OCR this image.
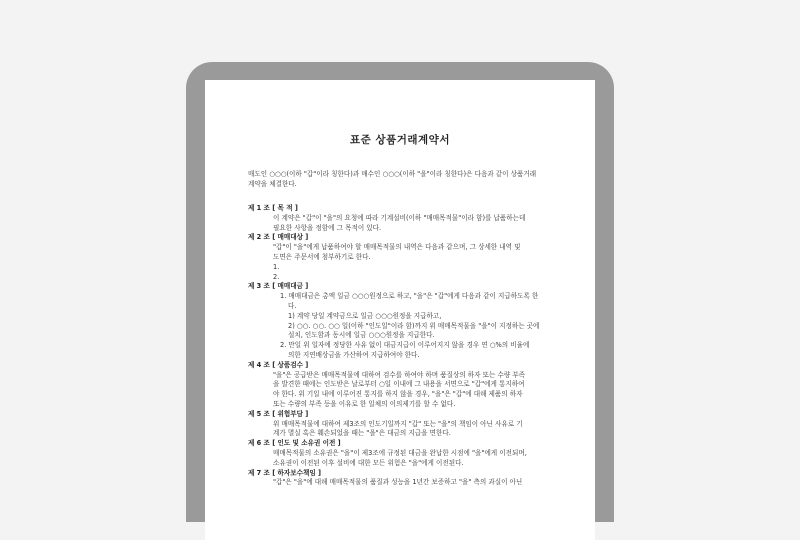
표준 상품거래계약서
매도인 ○○○(이하 "갑"이라 칭한다)과 매수인 ○○○(이하 "을"이라 칭한다)은 다음과 같이 상품거래
계약을 체결한다.
제 1 조 [ 목 적 ]
이 계약은 "갑"이 "을"의 요청에 따라 기계설비(이하 "매매목적물"이라 함)를 납품하는데
필요한 사항을 정함에 그 목적이 있다.
제 2 조 [ 매매대상 ]
"갑"이 "을"에게 납품하여야 할 매매목적물의 내역은 다음과 같으며, 그 상세한 내역 및
도면은 주문서에 첨부하기로 한다.
1.
2.
제 3 조 [ 매매대금 ]
1. 매매대금은 총액 일금 ○○○원정으로 하고, "을"은 "갑"에게 다음과 같이 지급하도록 한
다.
1) 계약 당일 계약금으로 일금 ○○○원정을 지급하고,
2) ○○. ○○. ○○ 일(이하 "인도일"이라 함)까지 위 매매목적물을 "을"이 지정하는 곳에
설치, 인도함과 동시에 일금 ○○○원정을 지급한다.
2. 만일 위 일자에 정당한 사유 없이 대금지급이 이루어지지 않을 경우 연 ○%의 비율에
의한 지연배상금을 가산하여 지급하여야 한다.
제 4 조 [ 상품검수 ]
"을"은 공급받은 매매목적물에 대하여 검수를 하여야 하며 품질상의 하자 또는 수량 부족
을 발견한 때에는 인도받은 날로부터 ○일 이내에 그 내용을 서면으로 "갑"에게 통지하여
야 한다. 위 기일 내에 이루어진 통지를 하지 않을 경우, "을"은 "갑"에 대해 제품의 하자
또는 수량의 부족 등을 이유로 한 일체의 이의제기를 할 수 없다.
제 5 조 [ 위험부담 ]
위 매매목적물에 대하여 제3조의 인도기일까지 "갑" 또는 "을"의 책임이 아닌 사유로 기
계가 멸실 혹은 훼손되었을 때는 "을"은 대금의 지급을 면한다.
제 6 조 [ 인도 및 소유권 이전 ]
매매목적물의 소유권은 "을"이 제3조에 규정된 대금을 완납한 시점에 "을"에게 이전되며,
소유권이 이전된 이후 설비에 대한 모든 위험은 "을"에게 이전된다.
제 7 조 [ 하자보수책임 ]
"갑"은 "을"에 대해 매매목적물의 품질과 성능을 1년간 보증하고 "을" 측의 과실이 아닌
